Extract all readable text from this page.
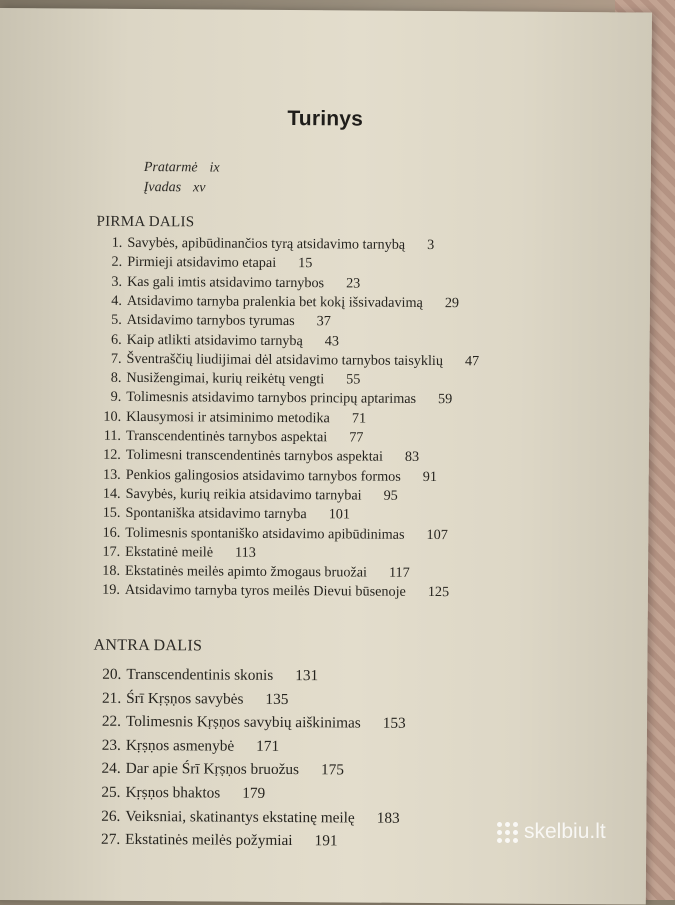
Turinys
Pratarmė ix
Įvadas xv
PIRMA DALIS
1. Savybės, apibūdinančios tyrą atsidavimo tarnybą 3
2. Pirmieji atsidavimo etapai 15
3. Kas gali imtis atsidavimo tarnybos 23
4. Atsidavimo tarnyba pralenkia bet kokį išsivadavimą 29
5. Atsidavimo tarnybos tyrumas 37
6. Kaip atlikti atsidavimo tarnybą 43
7. Šventraščių liudijimai dėl atsidavimo tarnybos taisyklių 47
8. Nusižengimai, kurių reikėtų vengti 55
9. Tolimesnis atsidavimo tarnybos principų aptarimas 59
10. Klausymosi ir atsiminimo metodika 71
11. Transcendentinės tarnybos aspektai 77
12. Tolimesni transcendentinės tarnybos aspektai 83
13. Penkios galingosios atsidavimo tarnybos formos 91
14. Savybės, kurių reikia atsidavimo tarnybai 95
15. Spontaniška atsidavimo tarnyba 101
16. Tolimesnis spontaniško atsidavimo apibūdinimas 107
17. Ekstatinė meilė 113
18. Ekstatinės meilės apimto žmogaus bruožai 117
19. Atsidavimo tarnyba tyros meilės Dievui būsenoje 125
ANTRA DALIS
20. Transcendentinis skonis 131
21. Śrī Kṛṣṇos savybės 135
22. Tolimesnis Kṛṣṇos savybių aiškinimas 153
23. Kṛṣṇos asmenybė 171
24. Dar apie Śrī Kṛṣṇos bruožus 175
25. Kṛṣṇos bhaktos 179
26. Veiksniai, skatinantys ekstatinę meilę 183
27. Ekstatinės meilės požymiai 191	skelbiu.lt
